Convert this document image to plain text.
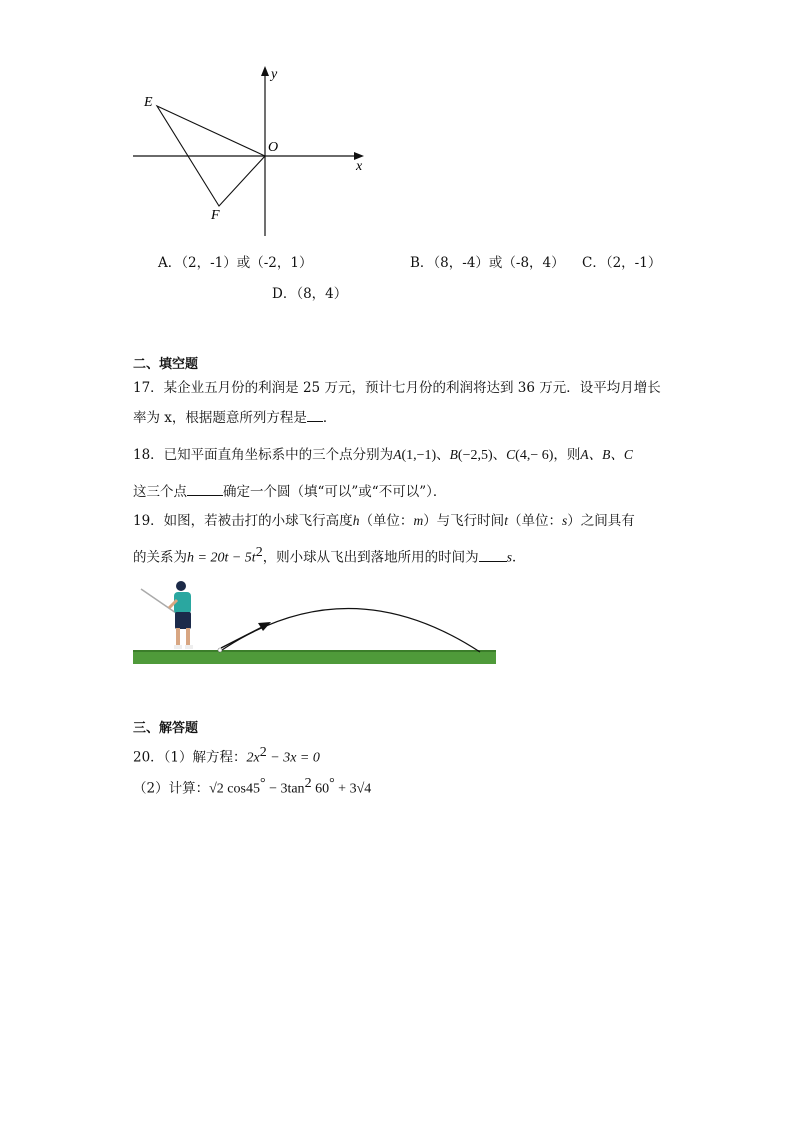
y
x
O
E
F
A．（2，-1）或（-2，1）	B．（8，-4）或（-8，4） C．（2，-1）
D．（8，4）
二、填空题
17．某企业五月份的利润是 25 万元，预计七月份的利润将达到 36 万元．设平均月增长
率为 x，根据题意所列方程是 ．
18．已知平面直角坐标系中的三个点分别为A(1,−1)、B(−2,5)、C(4,− 6)，则A、B、C
这三个点	确定一个圆（填“可以”或“不可以”）．
19．如图，若被击打的小球飞行高度h（单位：m）与飞行时间t（单位：s）之间具有
的关系为$h = 20t - 5t^2$，则小球从飞出到落地所用的时间为 s．
三、解答题
20．（1）解方程：$2x^2 - 3x = 0$
（2）计算：√2 $\cos 45^\circ - 3\tan^2$ 60° + 3√4
